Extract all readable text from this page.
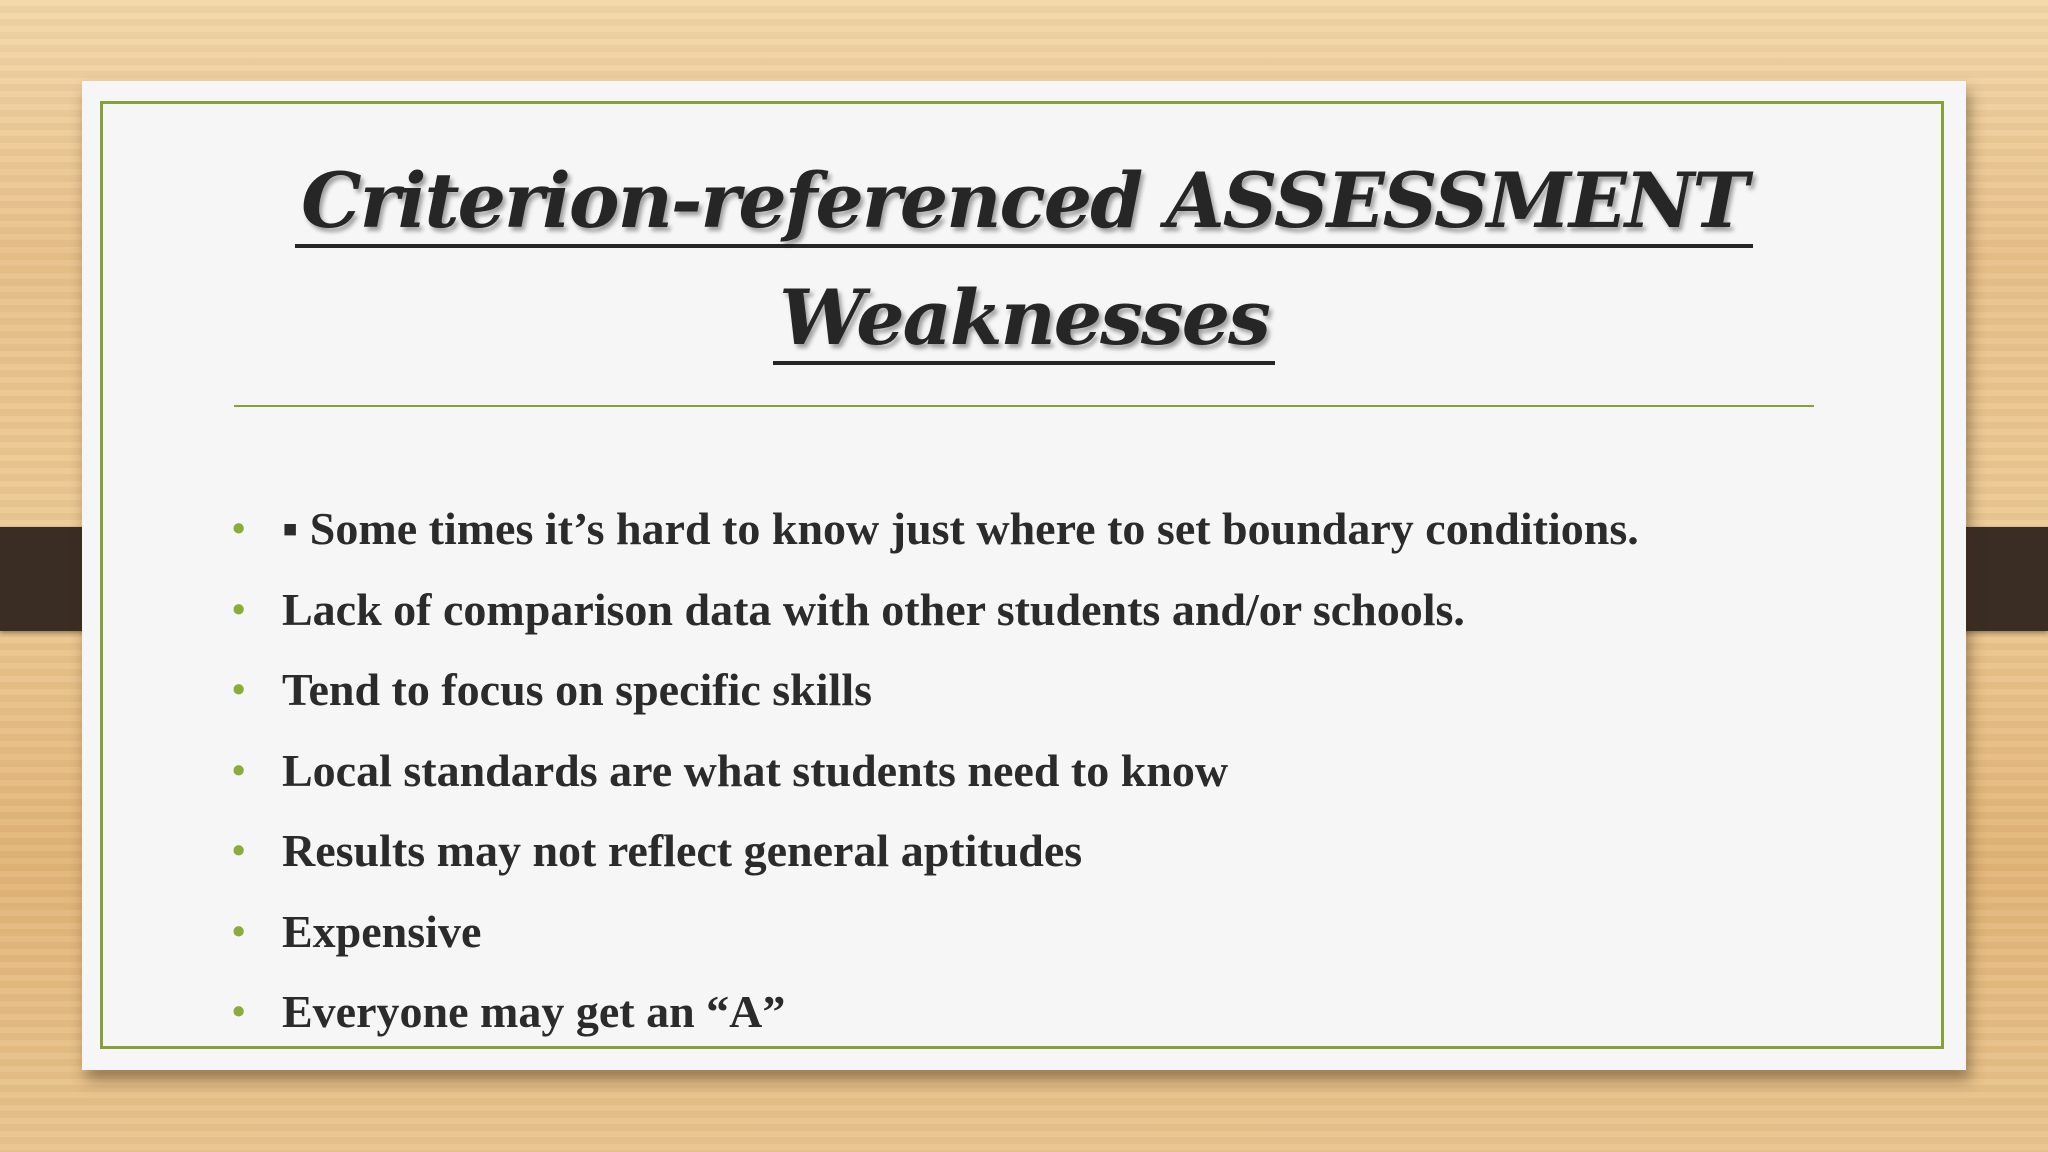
Criterion-referenced ASSESSMENT
Weaknesses
• ▪ Some times it’s hard to know just where to set boundary conditions.
• Lack of comparison data with other students and/or schools.
• Tend to focus on specific skills
• Local standards are what students need to know
• Results may not reflect general aptitudes
• Expensive
• Everyone may get an “A”
